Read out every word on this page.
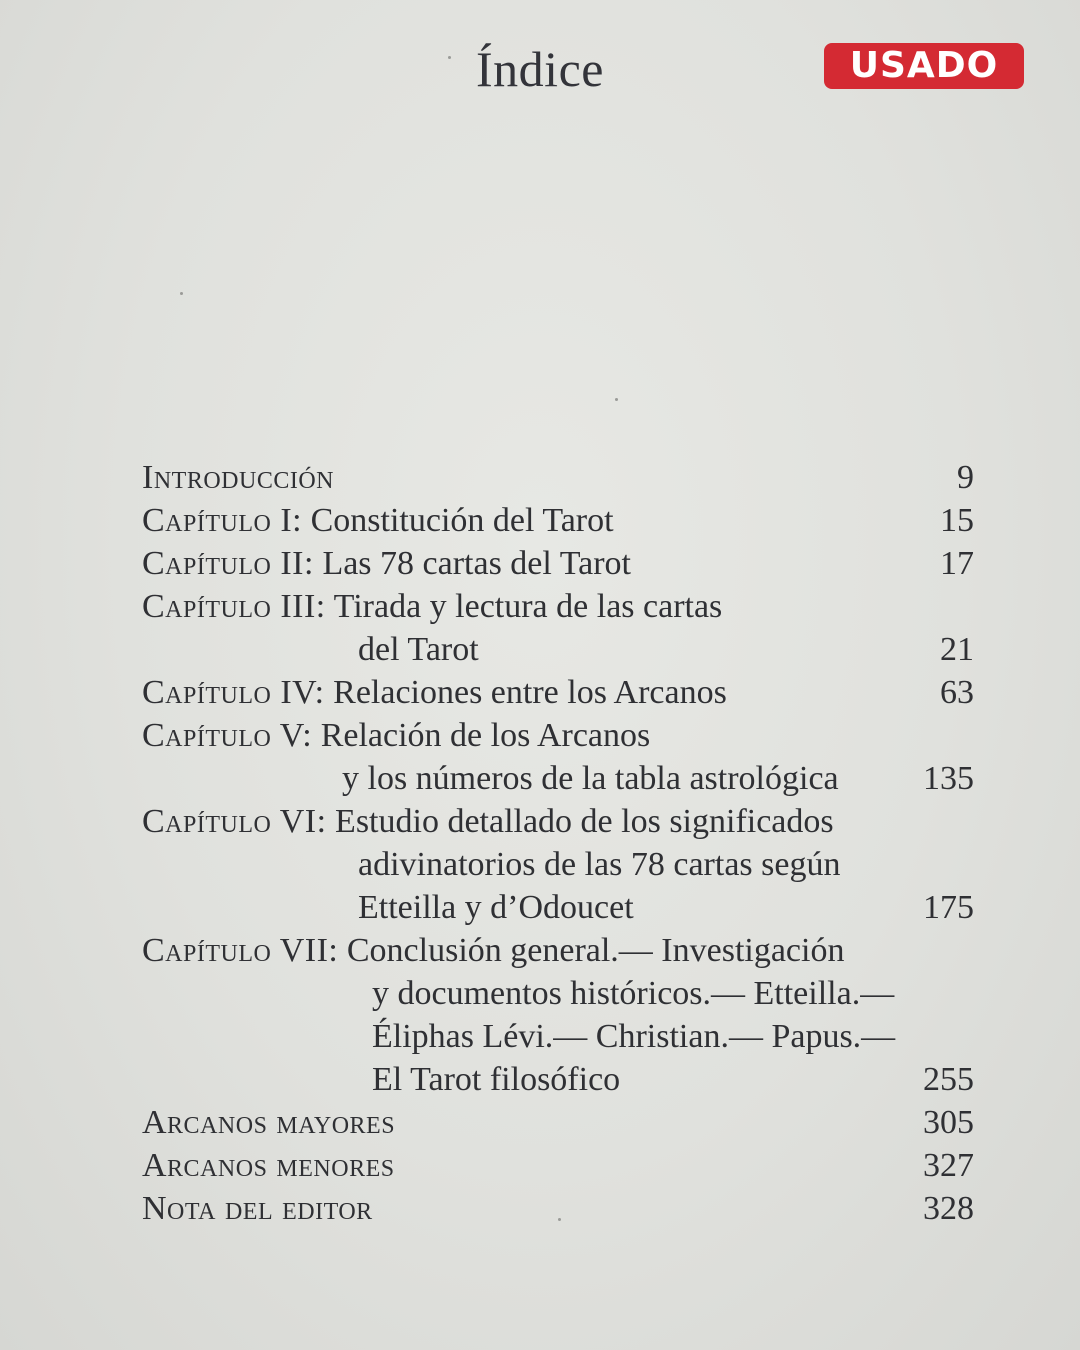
Índice	USADO
Introducción	9
Capítulo I: Constitución del Tarot	15
Capítulo II: Las 78 cartas del Tarot	17
Capítulo III: Tirada y lectura de las cartas
del Tarot	21
Capítulo IV: Relaciones entre los Arcanos	63
Capítulo V: Relación de los Arcanos
y los números de la tabla astrológica 135
Capítulo VI: Estudio detallado de los significados
adivinatorios de las 78 cartas según
Etteilla y d’Odoucet	175
Capítulo VII: Conclusión general.— Investigación
y documentos históricos.— Etteilla.—
Éliphas Lévi.— Christian.— Papus.—
El Tarot filosófico	255
Arcanos mayores	305
Arcanos menores	327
Nota del editor	328
